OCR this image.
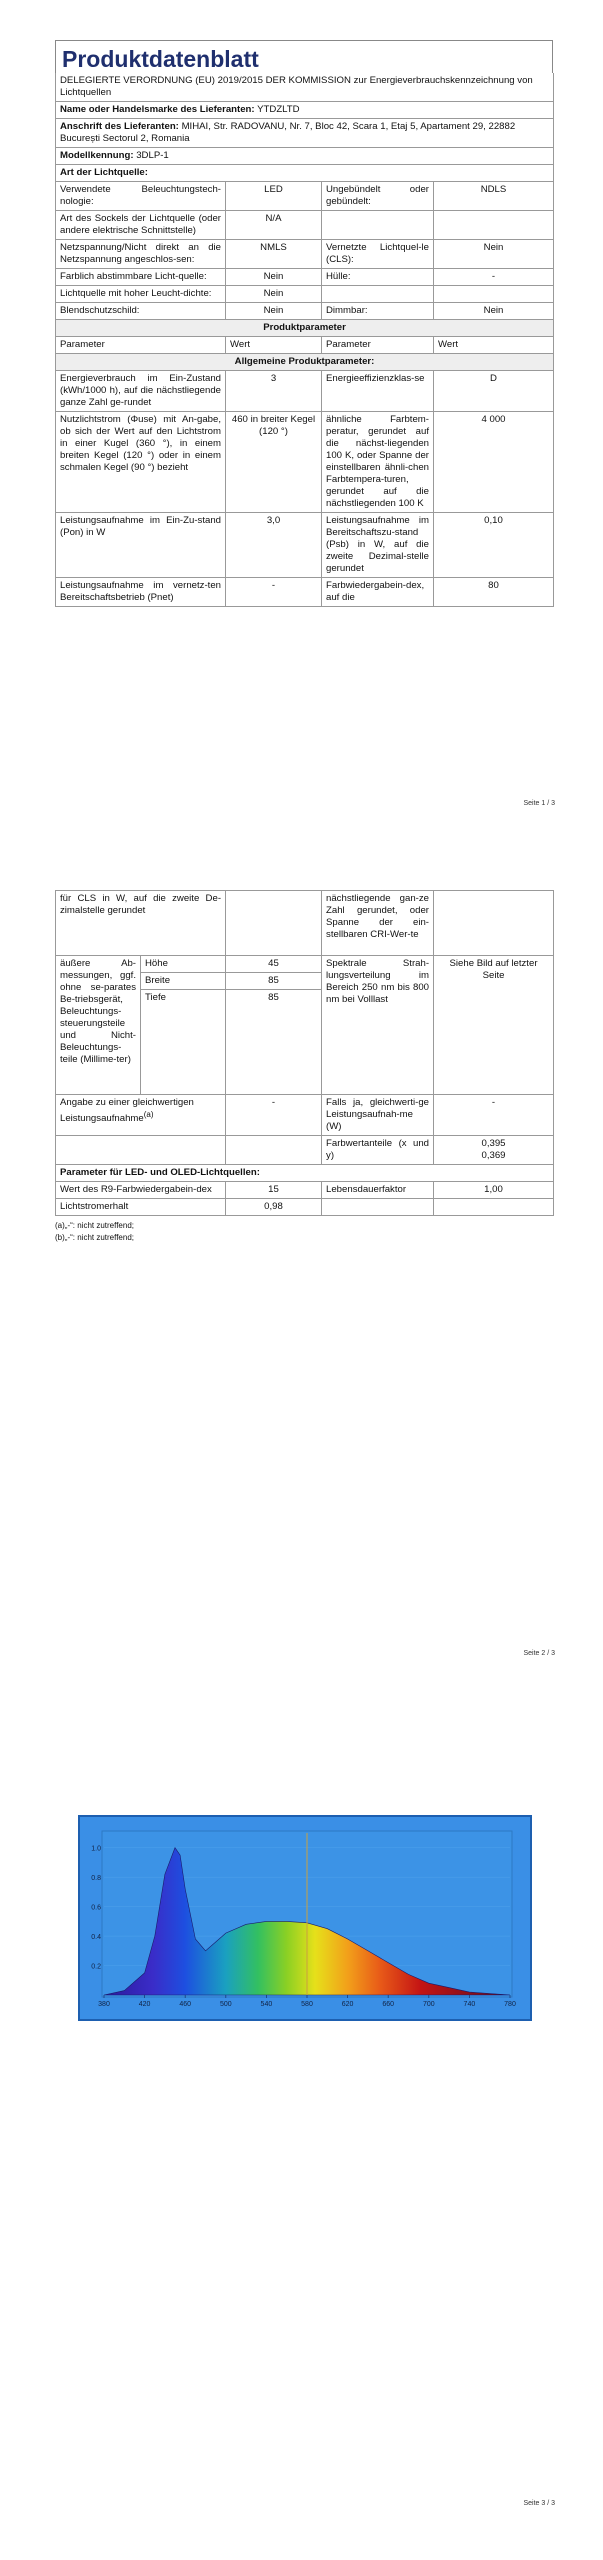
Produktdatenblatt
DELEGIERTE VERORDNUNG (EU) 2019/2015 DER KOMMISSION zur Energieverbrauchskennzeichnung von Lichtquellen			
Name oder Handelsmarke des Lieferanten: YTDZLTD			
Anschrift des Lieferanten: MIHAI, Str. RADOVANU, Nr. 7, Bloc 42, Scara 1, Etaj 5, Apartament 29, 22882 București Sectorul 2, Romania			
Modellkennung: 3DLP-1			
Art der Lichtquelle:			
Verwendete Beleuchtungstech-nologie:	LED	Ungebündelt oder gebündelt:	NDLS
Art des Sockels der Lichtquelle (oder andere elektrische Schnittstelle)	N/A		
Netzspannung/Nicht direkt an die Netzspannung angeschlos-sen:	NMLS	Vernetzte Lichtquel-le (CLS):	Nein
Farblich abstimmbare Licht-quelle:	Nein	Hülle:	-
Lichtquelle mit hoher Leucht-dichte:	Nein		
Blendschutzschild:	Nein	Dimmbar:	Nein
Produktparameter			
Parameter	Wert	Parameter	Wert
Allgemeine Produktparameter:			
Energieverbrauch im Ein-Zustand (kWh/1000 h), auf die nächstliegende ganze Zahl ge-rundet	3	Energieeffizienzklas-se	D
Nutzlichtstrom (Φuse) mit An-gabe, ob sich der Wert auf den Lichtstrom in einer Kugel (360 °), in einem breiten Kegel (120 °) oder in einem schmalen Kegel (90 °) bezieht	460 in breiter Kegel (120 °)	ähnliche Farbtem-peratur, gerundet auf die nächst-liegenden 100 K, oder Spanne der einstellbaren ähnli-chen Farbtempera-turen, gerundet auf die nächstliegenden 100 K	4 000
Leistungsaufnahme im Ein-Zu-stand (Pon) in W	3,0	Leistungsaufnahme im Bereitschaftszu-stand (Psb) in W, auf die zweite Dezimal-stelle gerundet	0,10
Leistungsaufnahme im vernetz-ten Bereitschaftsbetrieb (Pnet)	-	Farbwiedergabein-dex, auf die	80
Seite 1 / 3
für CLS in W, auf die zweite De-zimalstelle gerundet			nächstliegende gan-ze Zahl gerundet, oder Spanne der ein-stellbaren CRI-Wer-te	
äußere Ab-messungen, ggf. ohne se-parates Be-triebsgerät, Beleuchtungs-steuerungsteile und Nicht-Beleuchtungs-teile (Millime-ter)	Höhe	45	Spektrale Strah-lungsverteilung im Bereich 250 nm bis 800 nm bei Volllast	Siehe Bild auf letzter Seite
	Breite	85		
	Tiefe	85		
Angabe zu einer gleichwertigen Leistungsaufnahme$^{(a)}$		-	Falls ja, gleichwerti-ge Leistungsaufnah-me (W)	-
			Farbwertanteile (x und y)	0,395
0,369

Parameter für LED- und OLED-Lichtquellen:				
Wert des R9-Farbwiedergabein-dex		15	Lebensdauerfaktor	1,00
Lichtstromerhalt		0,98		
(a)„-“: nicht zutreffend;
(b)„-“: nicht zutreffend;
Seite 2 / 3
Seite 3 / 3
380	420	460	500	540	580	620	660	700	740	780
0.2
0.4
0.6
0.8
1.0
